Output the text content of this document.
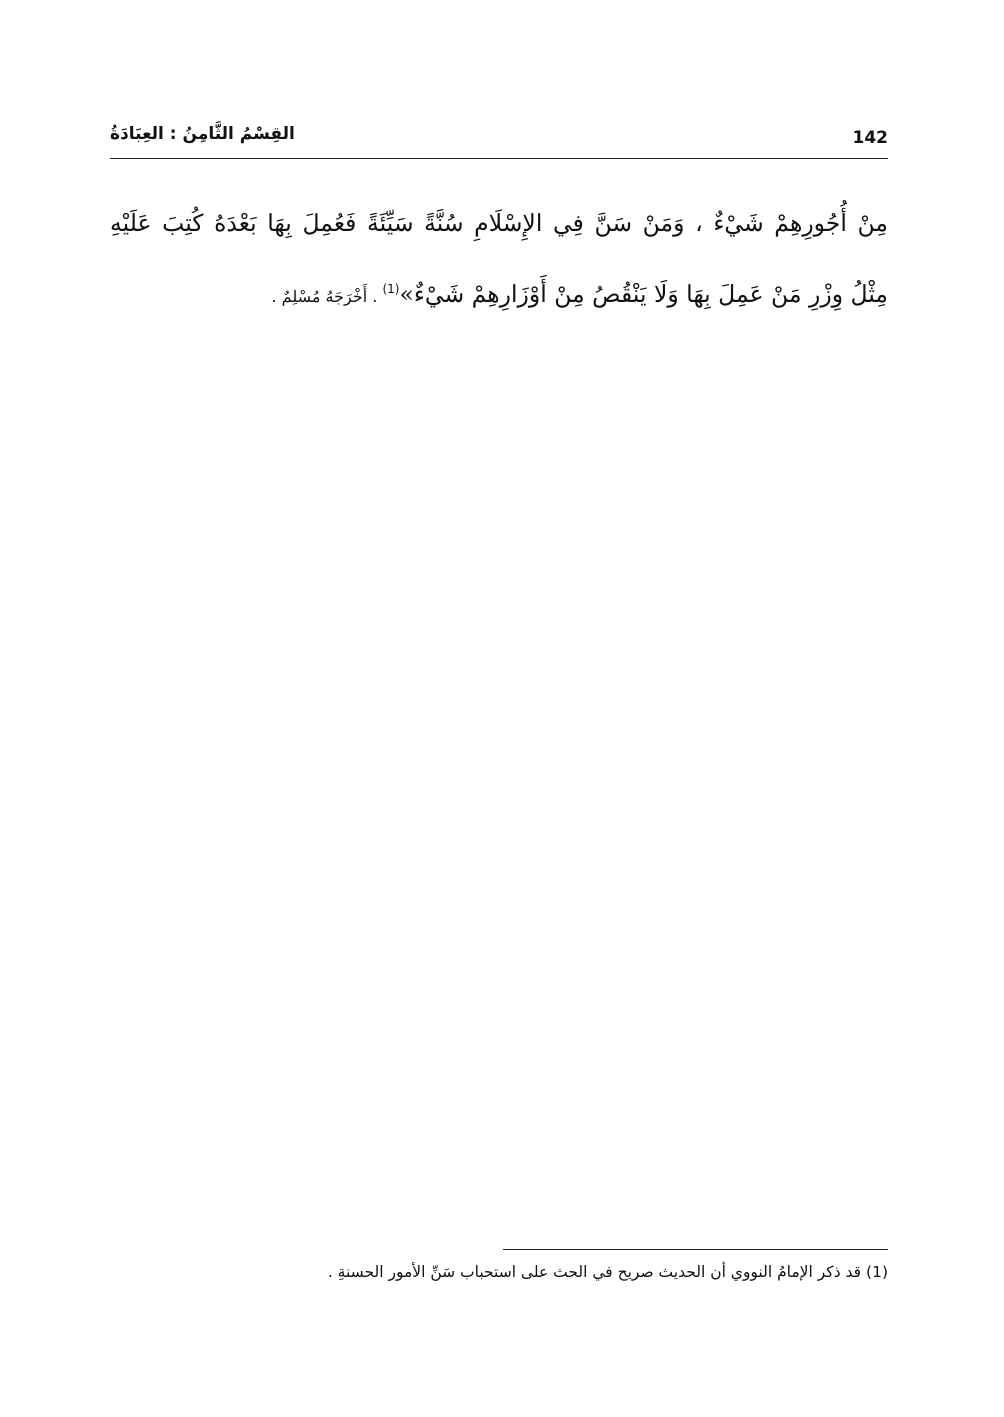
142
القِسْمُ الثَّامِنُ : العِبَادَةُ
مِنْ أُجُورِهِمْ شَيْءٌ ، وَمَنْ سَنَّ فِي الإِسْلَامِ سُنَّةً سَيِّئَةً فَعُمِلَ بِهَا بَعْدَهُ كُتِبَ عَلَيْهِ
مِثْلُ وِزْرِ مَنْ عَمِلَ بِهَا وَلَا يَنْقُصُ مِنْ أَوْزَارِهِمْ شَيْءٌ»$^{(1)}$ . أَخْرَجَهُ مُسْلِمٌ .
(1) قد ذكر الإمامُ النووي أن الحديث صريح في الحث على استحباب سَنِّ الأمور الحسنةِ .
